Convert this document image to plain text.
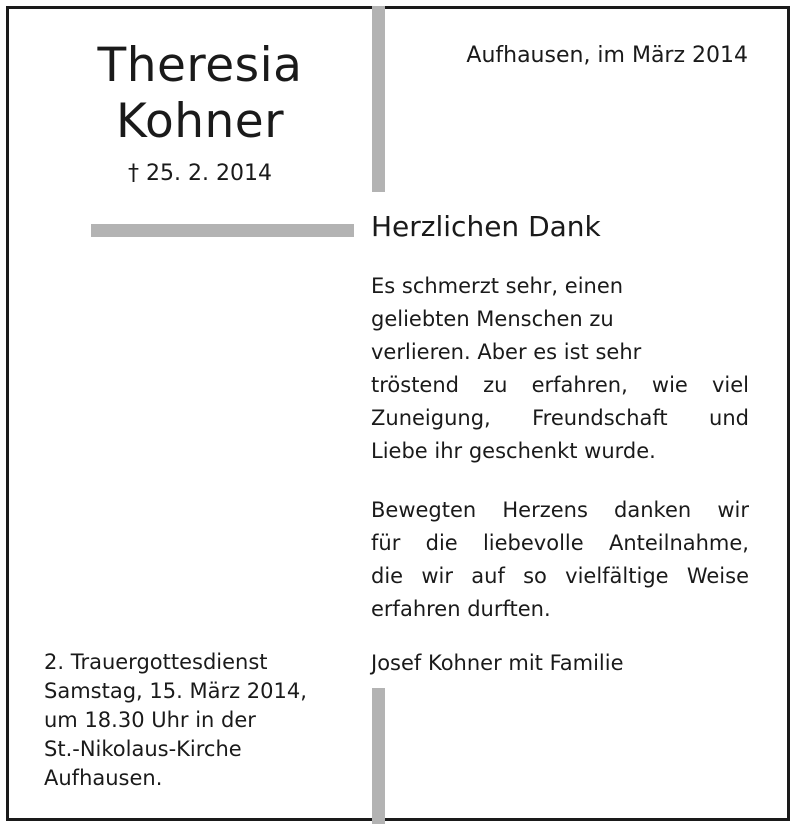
Theresia
Kohner
† 25. 2. 2014
Aufhausen, im März 2014
Herzlichen Dank
Es schmerzt sehr, einen
geliebten Menschen zu
verlieren. Aber es ist sehr
tröstend zu erfahren, wie viel
Zuneigung, Freundschaft und
Liebe ihr geschenkt wurde.
Bewegten Herzens danken wir
für die liebevolle Anteilnahme,
die wir auf so vielfältige Weise
erfahren durften.
Josef Kohner mit Familie
2. Trauergottesdienst
Samstag, 15. März 2014,
um 18.30 Uhr in der
St.-Nikolaus-Kirche
Aufhausen.
